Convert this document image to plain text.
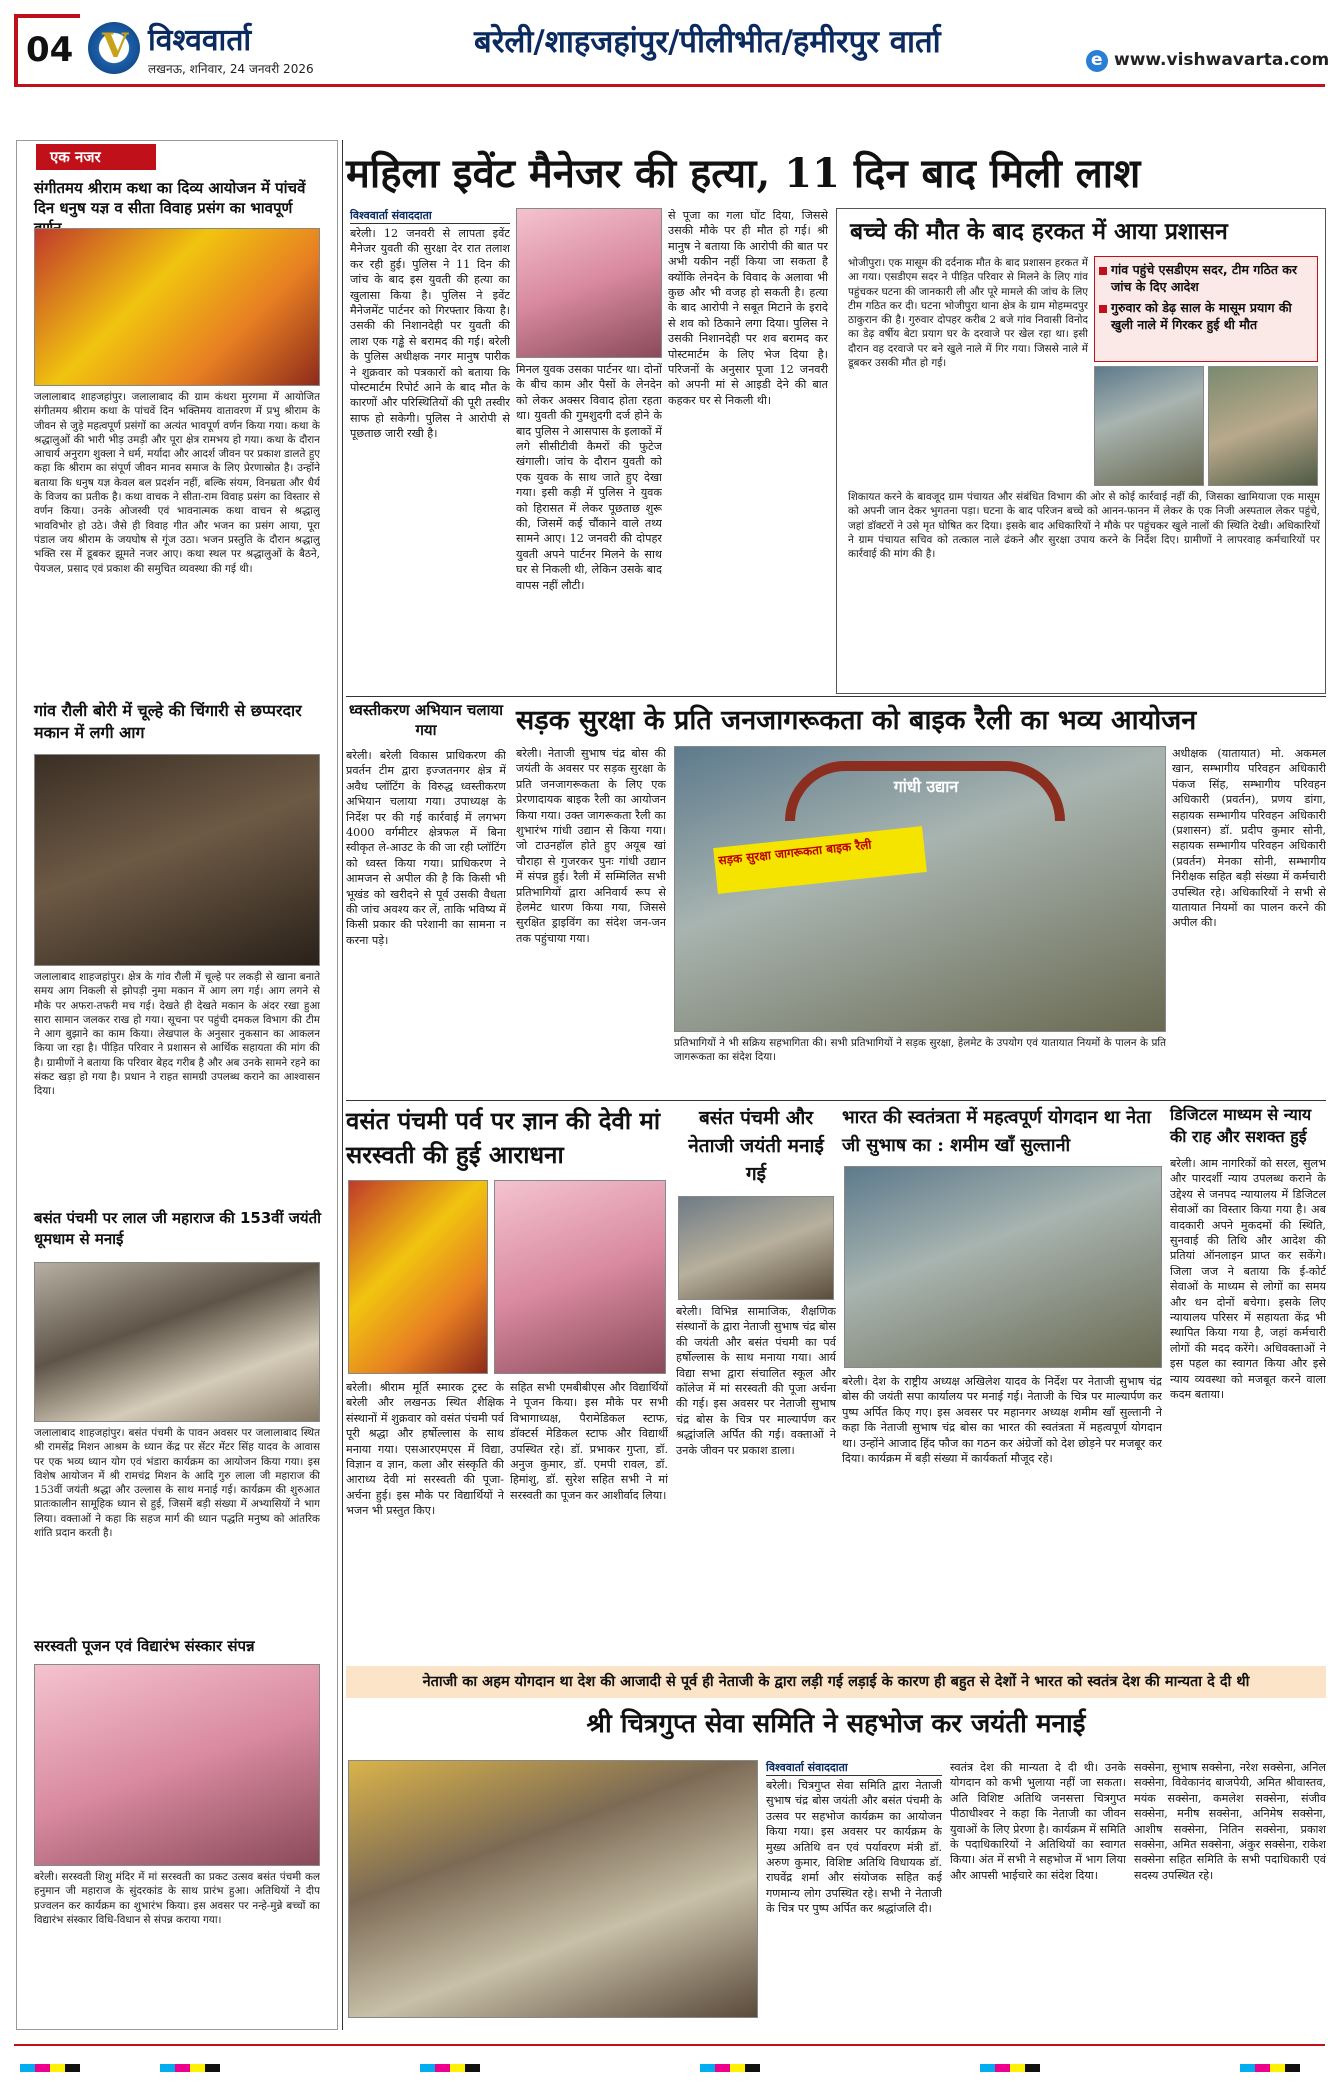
04 V विश्ववार्ता
लखनऊ, शनिवार, 24 जनवरी 2026
बरेली/शाहजहांपुर/पीलीभीत/हमीरपुर वार्ता	e www.vishwavarta.com
एक नजर
संगीतमय श्रीराम कथा का दिव्य आयोजन में पांचवें दिन धनुष यज्ञ व सीता विवाह प्रसंग का भावपूर्ण
जलालाबाद शाहजहांपुर। जलालाबाद की ग्राम कंथरा मुरगमा में आयोजित संगीतमय श्रीराम कथा के पांचवें दिन भक्तिमय वातावरण में प्रभु श्रीराम के जीवन से जुड़े महत्वपूर्ण प्रसंगों का अत्यंत भावपूर्ण वर्णन किया गया। कथा के श्रद्धालुओं की भारी भीड़ उमड़ी और पूरा क्षेत्र रामभय हो गया। कथा के दौरान आचार्य अनुराग शुक्ला ने धर्म, मर्यादा और आदर्श जीवन पर प्रकाश डालते हुए कहा कि श्रीराम का संपूर्ण जीवन मानव समाज के लिए प्रेरणास्रोत है। उन्होंने बताया कि धनुष यज्ञ केवल बल प्रदर्शन नहीं, बल्कि संयम, विनम्रता और धैर्य के विजय का प्रतीक है। कथा वाचक ने सीता-राम विवाह प्रसंग का विस्तार से वर्णन किया। उनके ओजस्वी एवं भावनात्मक कथा वाचन से श्रद्धालु भावविभोर हो उठे। जैसे ही विवाह गीत और भजन का प्रसंग आया, पूरा पंडाल जय श्रीराम के जयघोष से गूंज उठा। भजन प्रस्तुति के दौरान श्रद्धालु भक्ति रस में डूबकर झूमते नजर आए। कथा स्थल पर श्रद्धालुओं के बैठने, पेयजल, प्रसाद एवं प्रकाश की समुचित व्यवस्था की गई थी।
गांव रौली बोरी में चूल्हे की चिंगारी से छप्परदार मकान में लगी आग
जलालाबाद शाहजहांपुर। क्षेत्र के गांव रौली में चूल्हे पर लकड़ी से खाना बनाते समय आग निकली से झोपड़ी नुमा मकान में आग लग गई। आग लगने से मौके पर अफरा-तफरी मच गई। देखते ही देखते मकान के अंदर रखा हुआ सारा सामान जलकर राख हो गया। सूचना पर पहुंची दमकल विभाग की टीम ने आग बुझाने का काम किया। लेखपाल के अनुसार नुकसान का आकलन किया जा रहा है। पीड़ित परिवार ने प्रशासन से आर्थिक सहायता की मांग की है। ग्रामीणों ने बताया कि परिवार बेहद गरीब है और अब उनके सामने रहने का संकट खड़ा हो गया है। प्रधान ने राहत सामग्री उपलब्ध कराने का आश्वासन दिया।
बसंत पंचमी पर लाल जी महाराज की 153वीं जयंती धूमधाम से मनाई
जलालाबाद शाहजहांपुर। बसंत पंचमी के पावन अवसर पर जलालाबाद स्थित श्री रामसेंद्र मिशन आश्रम के ध्यान केंद्र पर सेंटर मेंटर सिंह यादव के आवास पर एक भव्य ध्यान योग एवं भंडारा कार्यक्रम का आयोजन किया गया। इस विशेष आयोजन में श्री रामचंद्र मिशन के आदि गुरु लाला जी महाराज की 153वीं जयंती श्रद्धा और उल्लास के साथ मनाई गई। कार्यक्रम की शुरुआत प्रातःकालीन सामूहिक ध्यान से हुई, जिसमें बड़ी संख्या में अभ्यासियों ने भाग लिया। वक्ताओं ने कहा कि सहज मार्ग की ध्यान पद्धति मनुष्य को आंतरिक शांति प्रदान करती है।
सरस्वती पूजन एवं विद्यारंभ संस्कार संपन्न
बरेली। सरस्वती शिशु मंदिर में मां सरस्वती का प्रकट उत्सव बसंत पंचमी कल हनुमान जी महाराज के सुंदरकांड के साथ प्रारंभ हुआ। अतिथियों ने दीप प्रज्वलन कर कार्यक्रम का शुभारंभ किया। इस अवसर पर नन्हे-मुन्ने बच्चों का विद्यारंभ संस्कार विधि-विधान से संपन्न कराया गया।
महिला इवेंट मैनेजर की हत्या, 11 दिन बाद मिली लाश
विश्ववार्ता संवाददाता
बरेली। 12 जनवरी से लापता इवेंट मैनेजर युवती की सुरक्षा देर रात तलाश कर रही हुई। पुलिस ने 11 दिन की जांच के बाद इस युवती की हत्या का खुलासा किया है। पुलिस ने इवेंट मैनेजमेंट पार्टनर को गिरफ्तार किया है। उसकी की निशानदेही पर युवती की लाश एक गड्ढे से बरामद की गई। बरेली के पुलिस अधीक्षक नगर मानुष पारीक ने शुक्रवार को पत्रकारों को बताया कि पोस्टमार्टम रिपोर्ट आने के बाद मौत के कारणों और परिस्थितियों की पूरी तस्वीर साफ हो सकेगी। पुलिस ने आरोपी से पूछताछ जारी रखी है।
मिनल युवक उसका पार्टनर था। दोनों के बीच काम और पैसों के लेनदेन को लेकर अक्सर विवाद होता रहता था। युवती की गुमशुदगी दर्ज होने के बाद पुलिस ने आसपास के इलाकों में लगे सीसीटीवी कैमरों की फुटेज खंगाली। जांच के दौरान युवती को एक युवक के साथ जाते हुए देखा गया। इसी कड़ी में पुलिस ने युवक को हिरासत में लेकर पूछताछ शुरू की, जिसमें कई चौंकाने वाले तथ्य सामने आए। 12 जनवरी की दोपहर युवती अपने पार्टनर मिलने के साथ घर से निकली थी, लेकिन उसके बाद वापस नहीं लौटी।
से पूजा का गला घोंट दिया, जिससे उसकी मौके पर ही मौत हो गई। श्री मानुष ने बताया कि आरोपी की बात पर अभी यकीन नहीं किया जा सकता है क्योंकि लेनदेन के विवाद के अलावा भी कुछ और भी वजह हो सकती है। हत्या के बाद आरोपी ने सबूत मिटाने के इरादे से शव को ठिकाने लगा दिया। पुलिस ने उसकी निशानदेही पर शव बरामद कर पोस्टमार्टम के लिए भेज दिया है। परिजनों के अनुसार पूजा 12 जनवरी को अपनी मां से आइडी देने की बात कहकर घर से निकली थी।
बच्चे की मौत के बाद हरकत में आया प्रशासन
भोजीपुरा। एक मासूम की दर्दनाक मौत के बाद प्रशासन हरकत में आ गया। एसडीएम सदर ने पीड़ित परिवार से मिलने के लिए गांव पहुंचकर घटना की जानकारी ली और पूरे मामले की जांच के लिए टीम गठित कर दी। घटना भोजीपुरा थाना क्षेत्र के ग्राम मोहम्मदपुर ठाकुरान की है। गुरुवार दोपहर करीब 2 बजे गांव निवासी विनोद का डेढ़ वर्षीय बेटा प्रयाग घर के दरवाजे पर खेल रहा था। इसी दौरान वह दरवाजे पर बने खुले नाले में गिर गया। जिससे नाले में डूबकर उसकी मौत हो गई।
गांव पहुंचे एसडीएम सदर, टीम गठित कर जांच के दिए आदेश
गुरुवार को डेढ़ साल के मासूम प्रयाग की खुली नाले में गिरकर हुई थी मौत
शिकायत करने के बावजूद ग्राम पंचायत और संबंधित विभाग की ओर से कोई कार्रवाई नहीं की, जिसका खामियाजा एक मासूम को अपनी जान देकर भुगतना पड़ा। घटना के बाद परिजन बच्चे को आनन-फानन में लेकर के एक निजी अस्पताल लेकर पहुंचे, जहां डॉक्टरों ने उसे मृत घोषित कर दिया। इसके बाद अधिकारियों ने मौके पर पहुंचकर खुले नालों की स्थिति देखी। अधिकारियों ने ग्राम पंचायत सचिव को तत्काल नाले ढंकने और सुरक्षा उपाय करने के निर्देश दिए। ग्रामीणों ने लापरवाह कर्मचारियों पर कार्रवाई की मांग की है।
ध्वस्तीकरण अभियान चलाया गया
बरेली। बरेली विकास प्राधिकरण की प्रवर्तन टीम द्वारा इज्जतनगर क्षेत्र में अवैध प्लॉटिंग के विरुद्ध ध्वस्तीकरण अभियान चलाया गया। उपाध्यक्ष के निर्देश पर की गई कार्रवाई में लगभग 4000 वर्गमीटर क्षेत्रफल में बिना स्वीकृत ले-आउट के की जा रही प्लॉटिंग को ध्वस्त किया गया। प्राधिकरण ने आमजन से अपील की है कि किसी भी भूखंड को खरीदने से पूर्व उसकी वैधता की जांच अवश्य कर लें, ताकि भविष्य में किसी प्रकार की परेशानी का सामना न करना पड़े।
सड़क सुरक्षा के प्रति जनजागरूकता को बाइक रैली का भव्य आयोजन
बरेली। नेताजी सुभाष चंद्र बोस की जयंती के अवसर पर सड़क सुरक्षा के प्रति जनजागरूकता के लिए एक प्रेरणादायक बाइक रैली का आयोजन किया गया। उक्त जागरूकता रैली का शुभारंभ गांधी उद्यान से किया गया। जो टाउनहॉल होते हुए अयूब खां चौराहा से गुजरकर पुनः गांधी उद्यान में संपन्न हुई। रैली में सम्मिलित सभी प्रतिभागियों द्वारा अनिवार्य रूप से हेलमेट धारण किया गया, जिससे सुरक्षित ड्राइविंग का संदेश जन-जन तक पहुंचाया गया।
गांधी उद्यान
सड़क सुरक्षा जागरूकता बाइक रैली
प्रतिभागियों ने भी सक्रिय सहभागिता की। सभी प्रतिभागियों ने सड़क सुरक्षा, हेलमेट के उपयोग एवं यातायात नियमों के पालन के प्रति जागरूकता का संदेश दिया।
अधीक्षक (यातायात) मो. अकमल खान, सम्भागीय परिवहन अधिकारी पंकज सिंह, सम्भागीय परिवहन अधिकारी (प्रवर्तन), प्रणय डांगा, सहायक सम्भागीय परिवहन अधिकारी (प्रशासन) डॉ. प्रदीप कुमार सोनी, सहायक सम्भागीय परिवहन अधिकारी (प्रवर्तन) मेनका सोनी, सम्भागीय निरीक्षक सहित बड़ी संख्या में कर्मचारी उपस्थित रहे। अधिकारियों ने सभी से यातायात नियमों का पालन करने की अपील की।
वसंत पंचमी पर्व पर ज्ञान की देवी मां सरस्वती की हुई आराधना
बरेली। श्रीराम मूर्ति स्मारक ट्रस्ट के बरेली और लखनऊ स्थित शैक्षिक संस्थानों में शुक्रवार को वसंत पंचमी पर्व पूरी श्रद्धा और हर्षोल्लास के साथ मनाया गया। एसआरएमएस में विद्या, विज्ञान व ज्ञान, कला और संस्कृति की आराध्य देवी मां सरस्वती की पूजा-अर्चना हुई। इस मौके पर विद्यार्थियों ने भजन भी प्रस्तुत किए।
सहित सभी एमबीबीएस और विद्यार्थियों ने पूजन किया। इस मौके पर सभी विभागाध्यक्ष, पैरामेडिकल स्टाफ, डॉक्टर्स मेडिकल स्टाफ और विद्यार्थी उपस्थित रहे। डॉ. प्रभाकर गुप्ता, डॉ. अनुज कुमार, डॉ. एमपी रावल, डॉ. हिमांशु, डॉ. सुरेश सहित सभी ने मां सरस्वती का पूजन कर आशीर्वाद लिया।
बसंत पंचमी और नेताजी जयंती मनाई गई
बरेली। विभिन्न सामाजिक, शैक्षणिक संस्थानों के द्वारा नेताजी सुभाष चंद्र बोस की जयंती और बसंत पंचमी का पर्व हर्षोल्लास के साथ मनाया गया। आर्य विद्या सभा द्वारा संचालित स्कूल और कॉलेज में मां सरस्वती की पूजा अर्चना की गई। इस अवसर पर नेताजी सुभाष चंद्र बोस के चित्र पर माल्यार्पण कर श्रद्धांजलि अर्पित की गई। वक्ताओं ने उनके जीवन पर प्रकाश डाला।
भारत की स्वतंत्रता में महत्वपूर्ण योगदान था नेता जी सुभाष का : शमीम खाँ सुल्तानी
बरेली। देश के राष्ट्रीय अध्यक्ष अखिलेश यादव के निर्देश पर नेताजी सुभाष चंद्र बोस की जयंती सपा कार्यालय पर मनाई गई। नेताजी के चित्र पर माल्यार्पण कर पुष्प अर्पित किए गए। इस अवसर पर महानगर अध्यक्ष शमीम खाँ सुल्तानी ने कहा कि नेताजी सुभाष चंद्र बोस का भारत की स्वतंत्रता में महत्वपूर्ण योगदान था। उन्होंने आजाद हिंद फौज का गठन कर अंग्रेजों को देश छोड़ने पर मजबूर कर दिया। कार्यक्रम में बड़ी संख्या में कार्यकर्ता मौजूद रहे।
डिजिटल माध्यम से न्याय की राह और सशक्त हुई
बरेली। आम नागरिकों को सरल, सुलभ और पारदर्शी न्याय उपलब्ध कराने के उद्देश्य से जनपद न्यायालय में डिजिटल सेवाओं का विस्तार किया गया है। अब वादकारी अपने मुकदमों की स्थिति, सुनवाई की तिथि और आदेश की प्रतियां ऑनलाइन प्राप्त कर सकेंगे। जिला जज ने बताया कि ई-कोर्ट सेवाओं के माध्यम से लोगों का समय और धन दोनों बचेगा। इसके लिए न्यायालय परिसर में सहायता केंद्र भी स्थापित किया गया है, जहां कर्मचारी लोगों की मदद करेंगे। अधिवक्ताओं ने इस पहल का स्वागत किया और इसे न्याय व्यवस्था को मजबूत करने वाला कदम बताया।
नेताजी का अहम योगदान था देश की आजादी से पूर्व ही नेताजी के द्वारा लड़ी गई लड़ाई के कारण ही बहुत से देशों ने भारत को स्वतंत्र देश की मान्यता दे दी थी
श्री चित्रगुप्त सेवा समिति ने सहभोज कर जयंती मनाई
विश्ववार्ता संवाददाता
बरेली। चित्रगुप्त सेवा समिति द्वारा नेताजी सुभाष चंद्र बोस जयंती और बसंत पंचमी के उत्सव पर सहभोज कार्यक्रम का आयोजन किया गया। इस अवसर पर कार्यक्रम के मुख्य अतिथि वन एवं पर्यावरण मंत्री डॉ. अरुण कुमार, विशिष्ट अतिथि विधायक डॉ. राघवेंद्र शर्मा और संयोजक सहित कई गणमान्य लोग उपस्थित रहे। सभी ने नेताजी के चित्र पर पुष्प अर्पित कर श्रद्धांजलि दी।
स्वतंत्र देश की मान्यता दे दी थी। उनके योगदान को कभी भुलाया नहीं जा सकता। अति विशिष्ट अतिथि जनसत्ता चित्रगुप्त पीठाधीश्वर ने कहा कि नेताजी का जीवन युवाओं के लिए प्रेरणा है। कार्यक्रम में समिति के पदाधिकारियों ने अतिथियों का स्वागत किया। अंत में सभी ने सहभोज में भाग लिया और आपसी भाईचारे का संदेश दिया।
सक्सेना, सुभाष सक्सेना, नरेश सक्सेना, अनिल सक्सेना, विवेकानंद बाजपेयी, अमित श्रीवास्तव, मयंक सक्सेना, कमलेश सक्सेना, संजीव सक्सेना, मनीष सक्सेना, अनिमेष सक्सेना, आशीष सक्सेना, नितिन सक्सेना, प्रकाश सक्सेना, अमित सक्सेना, अंकुर सक्सेना, राकेश सक्सेना सहित समिति के सभी पदाधिकारी एवं सदस्य उपस्थित रहे।
